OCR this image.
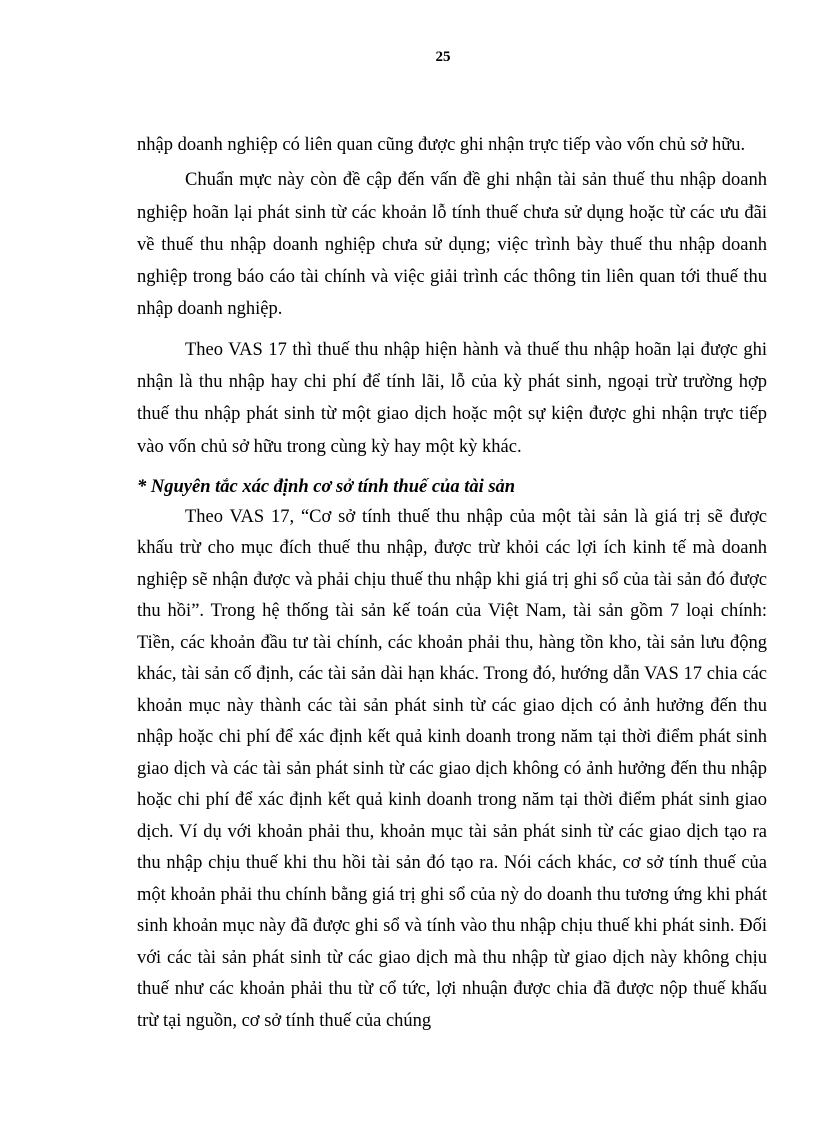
25

nhập doanh nghiệp có liên quan cũng được ghi nhận trực tiếp vào vốn chủ sở hữu.

Chuẩn mực này còn đề cập đến vấn đề ghi nhận tài sản thuế thu nhập doanh nghiệp hoãn lại phát sinh từ các khoản lỗ tính thuế chưa sử dụng hoặc từ các ưu đãi về thuế thu nhập doanh nghiệp chưa sử dụng; việc trình bày thuế thu nhập doanh nghiệp trong báo cáo tài chính và việc giải trình các thông tin liên quan tới thuế thu nhập doanh nghiệp.

Theo VAS 17 thì thuế thu nhập hiện hành và thuế thu nhập hoãn lại được ghi nhận là thu nhập hay chi phí để tính lãi, lỗ của kỳ phát sinh, ngoại trừ trường hợp thuế thu nhập phát sinh từ một giao dịch hoặc một sự kiện được ghi nhận trực tiếp vào vốn chủ sở hữu trong cùng kỳ hay một kỳ khác.

* Nguyên tắc xác định cơ sở tính thuế của tài sản

Theo VAS 17, “Cơ sở tính thuế thu nhập của một tài sản là giá trị sẽ được khấu trừ cho mục đích thuế thu nhập, được trừ khỏi các lợi ích kinh tế mà doanh nghiệp sẽ nhận được và phải chịu thuế thu nhập khi giá trị ghi sổ của tài sản đó được thu hồi”. Trong hệ thống tài sản kế toán của Việt Nam, tài sản gồm 7 loại chính: Tiền, các khoản đầu tư tài chính, các khoản phải thu, hàng tồn kho, tài sản lưu động khác, tài sản cố định, các tài sản dài hạn khác. Trong đó, hướng dẫn VAS 17 chia các khoản mục này thành các tài sản phát sinh từ các giao dịch có ảnh hưởng đến thu nhập hoặc chi phí để xác định kết quả kinh doanh trong năm tại thời điểm phát sinh giao dịch và các tài sản phát sinh từ các giao dịch không có ảnh hưởng đến thu nhập hoặc chi phí để xác định kết quả kinh doanh trong năm tại thời điểm phát sinh giao dịch. Ví dụ với khoản phải thu, khoản mục tài sản phát sinh từ các giao dịch tạo ra thu nhập chịu thuế khi thu hồi tài sản đó tạo ra. Nói cách khác, cơ sở tính thuế của một khoản phải thu chính bằng giá trị ghi sổ của nỳ do doanh thu tương ứng khi phát sinh khoản mục này đã được ghi sổ và tính vào thu nhập chịu thuế khi phát sinh. Đối với các tài sản phát sinh từ các giao dịch mà thu nhập từ giao dịch này không chịu thuế như các khoản phải thu từ cổ tức, lợi nhuận được chia đã được nộp thuế khấu trừ tại nguồn, cơ sở tính thuế của chúng
